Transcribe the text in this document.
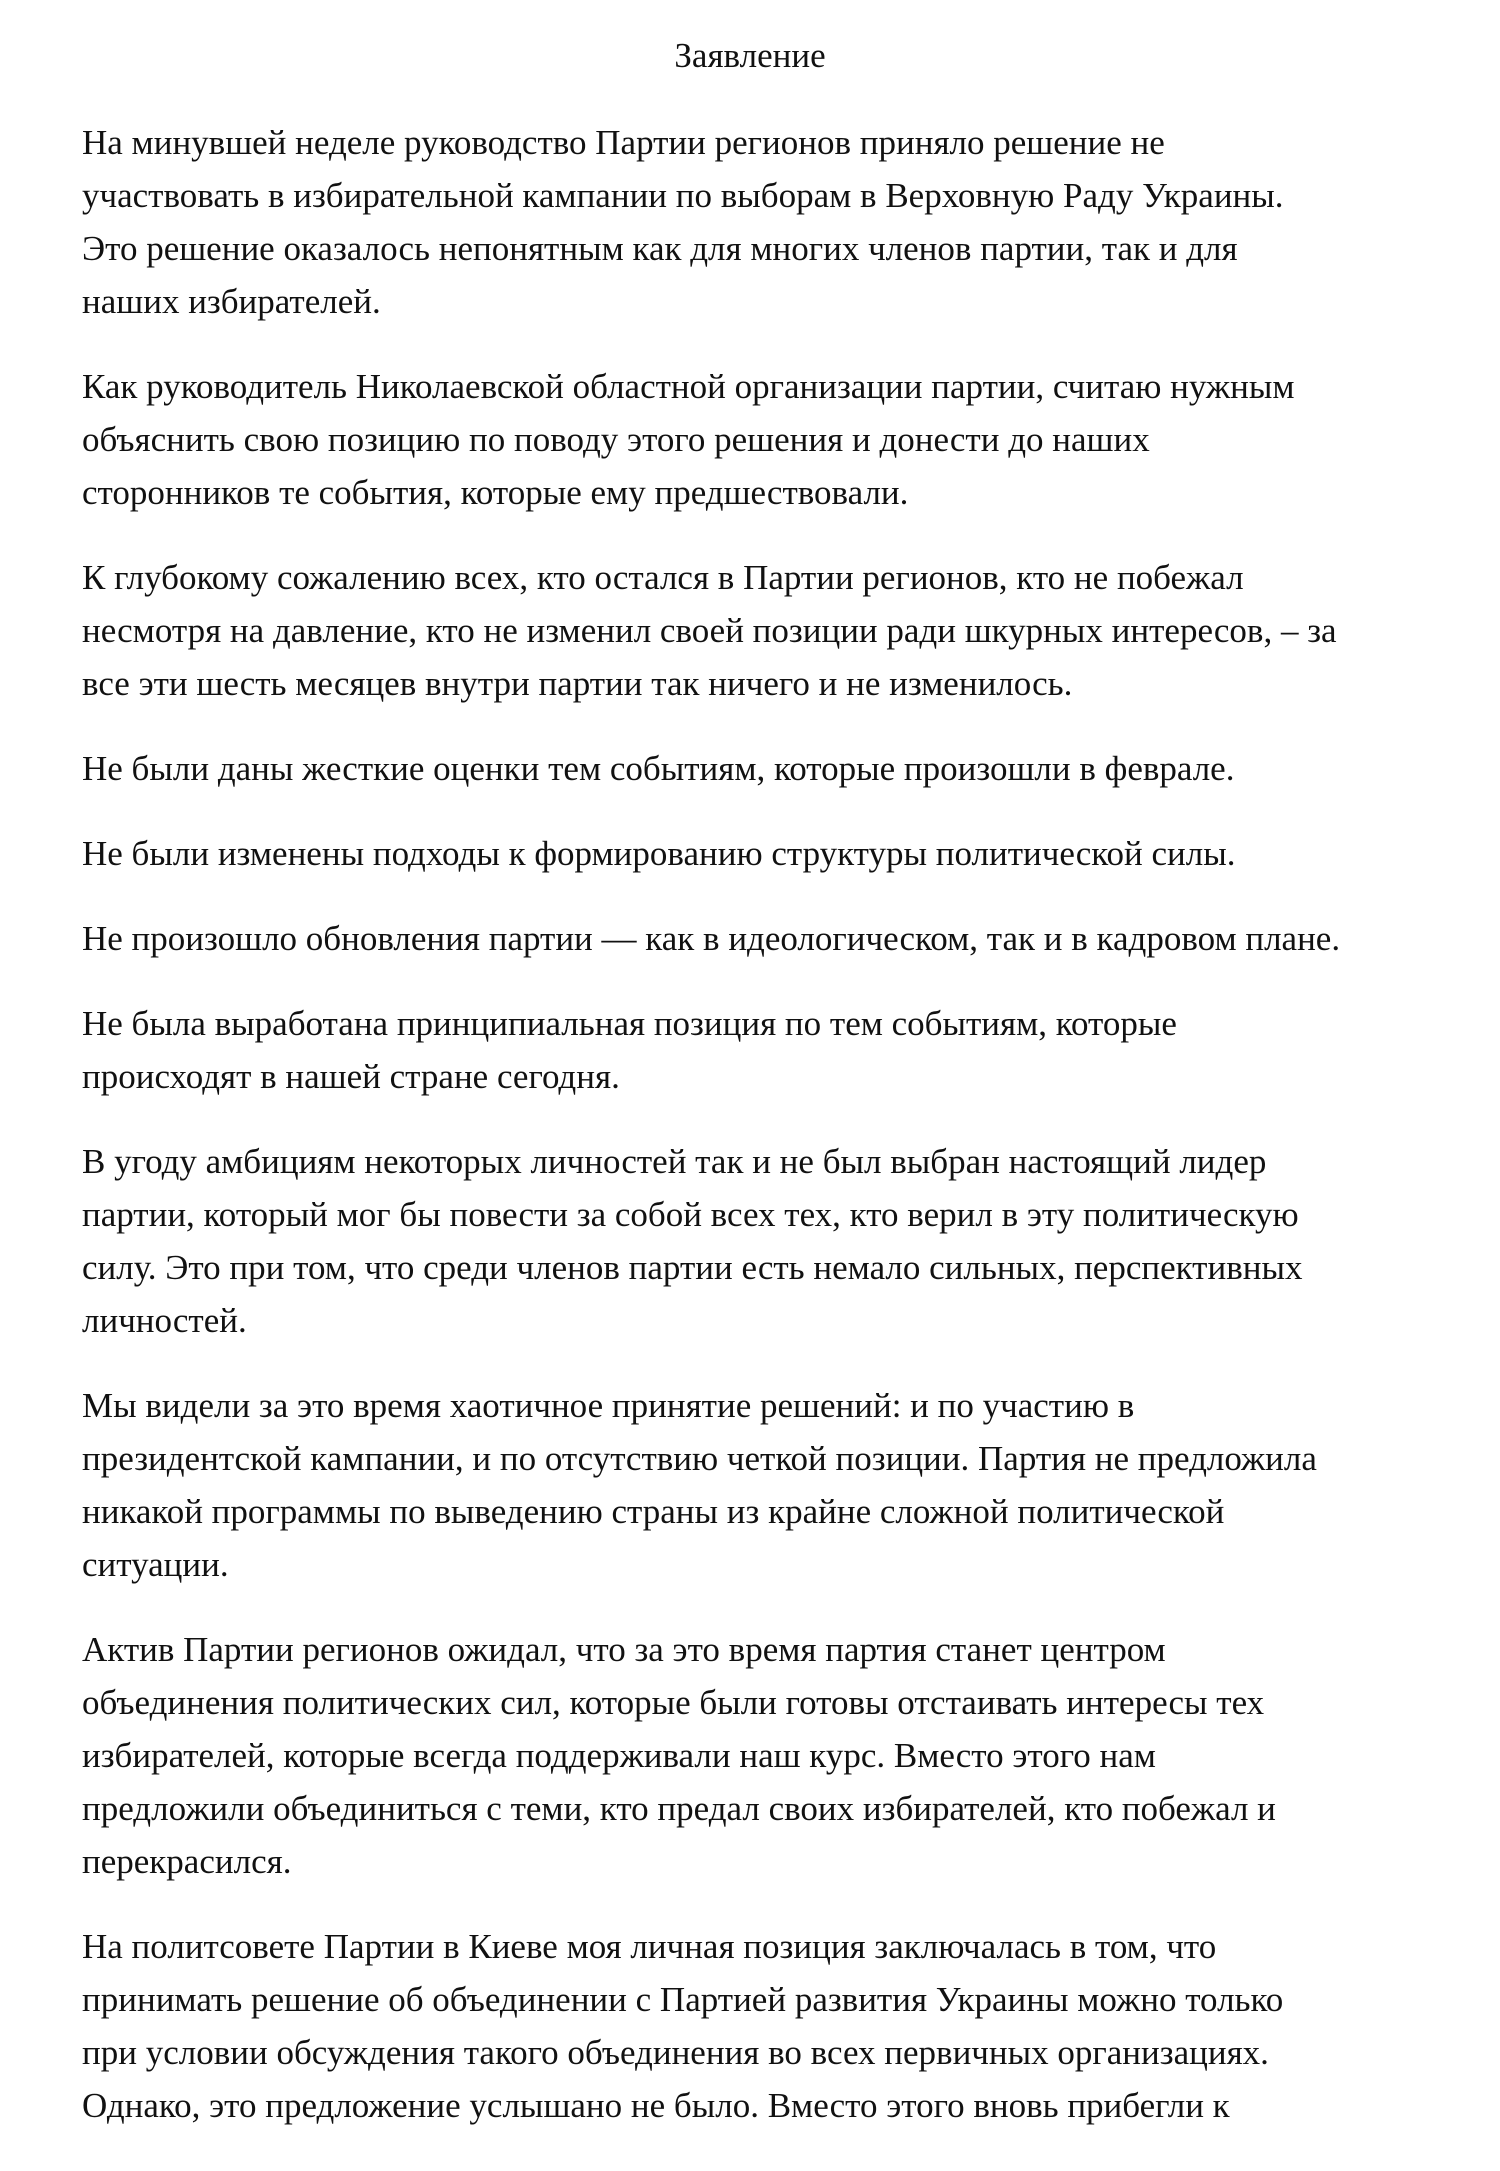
Заявление
На минувшей неделе руководство Партии регионов приняло решение не
участвовать в избирательной кампании по выборам в Верховную Раду Украины.
Это решение оказалось непонятным как для многих членов партии, так и для
наших избирателей.
Как руководитель Николаевской областной организации партии, считаю нужным
объяснить свою позицию по поводу этого решения и донести до наших
сторонников те события, которые ему предшествовали.
К глубокому сожалению всех, кто остался в Партии регионов, кто не побежал
несмотря на давление, кто не изменил своей позиции ради шкурных интересов, – за
все эти шесть месяцев внутри партии так ничего и не изменилось.
Не были даны жесткие оценки тем событиям, которые произошли в феврале.
Не были изменены подходы к формированию структуры политической силы.
Не произошло обновления партии — как в идеологическом, так и в кадровом плане.
Не была выработана принципиальная позиция по тем событиям, которые
происходят в нашей стране сегодня.
В угоду амбициям некоторых личностей так и не был выбран настоящий лидер
партии, который мог бы повести за собой всех тех, кто верил в эту политическую
силу. Это при том, что среди членов партии есть немало сильных, перспективных
личностей.
Мы видели за это время хаотичное принятие решений: и по участию в
президентской кампании, и по отсутствию четкой позиции. Партия не предложила
никакой программы по выведению страны из крайне сложной политической
ситуации.
Актив Партии регионов ожидал, что за это время партия станет центром
объединения политических сил, которые были готовы отстаивать интересы тех
избирателей, которые всегда поддерживали наш курс. Вместо этого нам
предложили объединиться с теми, кто предал своих избирателей, кто побежал и
перекрасился.
На политсовете Партии в Киеве моя личная позиция заключалась в том, что
принимать решение об объединении с Партией развития Украины можно только
при условии обсуждения такого объединения во всех первичных организациях.
Однако, это предложение услышано не было. Вместо этого вновь прибегли к
